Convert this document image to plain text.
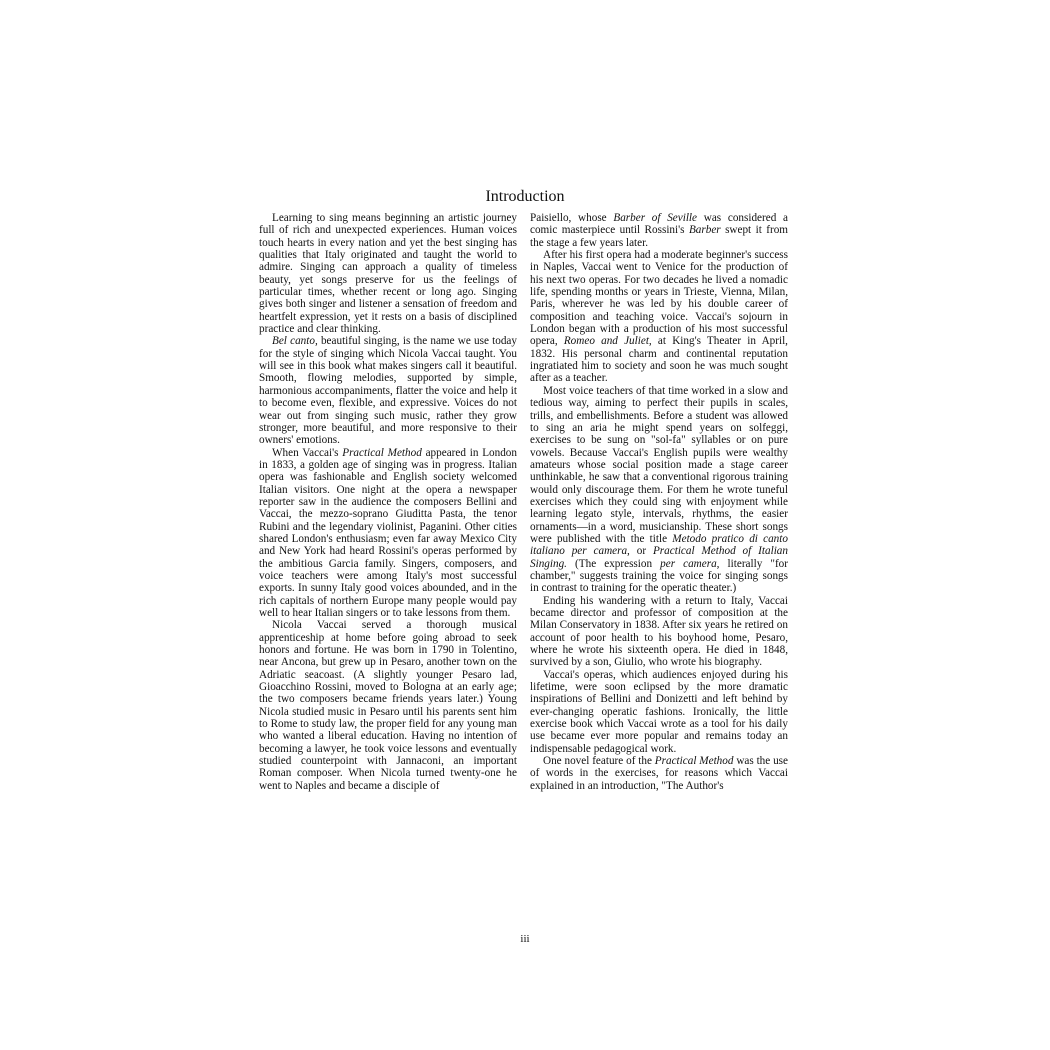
Introduction

Learning to sing means beginning an artistic journey full of rich and unexpected experiences. Human voices touch hearts in every nation and yet the best singing has qualities that Italy originated and taught the world to admire. Singing can approach a quality of timeless beauty, yet songs preserve for us the feelings of particular times, whether recent or long ago. Singing gives both singer and listener a sensation of freedom and heartfelt expression, yet it rests on a basis of disciplined practice and clear thinking.

Bel canto, beautiful singing, is the name we use today for the style of singing which Nicola Vaccai taught. You will see in this book what makes singers call it beautiful. Smooth, flowing melodies, supported by simple, harmonious accompaniments, flatter the voice and help it to become even, flexible, and expressive. Voices do not wear out from singing such music, rather they grow stronger, more beautiful, and more responsive to their owners' emotions.

When Vaccai's Practical Method appeared in London in 1833, a golden age of singing was in progress. Italian opera was fashionable and English society welcomed Italian visitors. One night at the opera a newspaper reporter saw in the audience the composers Bellini and Vaccai, the mezzo-soprano Giuditta Pasta, the tenor Rubini and the legendary violinist, Paganini. Other cities shared London's enthusiasm; even far away Mexico City and New York had heard Rossini's operas performed by the ambitious Garcia family. Singers, composers, and voice teachers were among Italy's most successful exports. In sunny Italy good voices abounded, and in the rich capitals of northern Europe many people would pay well to hear Italian singers or to take lessons from them.

Nicola Vaccai served a thorough musical apprenticeship at home before going abroad to seek honors and fortune. He was born in 1790 in Tolentino, near Ancona, but grew up in Pesaro, another town on the Adriatic seacoast. (A slightly younger Pesaro lad, Gioacchino Rossini, moved to Bologna at an early age; the two composers became friends years later.) Young Nicola studied music in Pesaro until his parents sent him to Rome to study law, the proper field for any young man who wanted a liberal education. Having no intention of becoming a lawyer, he took voice lessons and eventually studied counterpoint with Jannaconi, an important Roman composer. When Nicola turned twenty-one he went to Naples and became a disciple of

Paisiello, whose Barber of Seville was considered a comic masterpiece until Rossini's Barber swept it from the stage a few years later.

After his first opera had a moderate beginner's success in Naples, Vaccai went to Venice for the production of his next two operas. For two decades he lived a nomadic life, spending months or years in Trieste, Vienna, Milan, Paris, wherever he was led by his double career of composition and teaching voice. Vaccai's sojourn in London began with a production of his most successful opera, Romeo and Juliet, at King's Theater in April, 1832. His personal charm and continental reputation ingratiated him to society and soon he was much sought after as a teacher.

Most voice teachers of that time worked in a slow and tedious way, aiming to perfect their pupils in scales, trills, and embellishments. Before a student was allowed to sing an aria he might spend years on solfeggi, exercises to be sung on "sol-fa" syllables or on pure vowels. Because Vaccai's English pupils were wealthy amateurs whose social position made a stage career unthinkable, he saw that a conventional rigorous training would only discourage them. For them he wrote tuneful exercises which they could sing with enjoyment while learning legato style, intervals, rhythms, the easier ornaments—in a word, musicianship. These short songs were published with the title Metodo pratico di canto italiano per camera, or Practical Method of Italian Singing. (The expression per camera, literally "for chamber," suggests training the voice for singing songs in contrast to training for the operatic theater.)

Ending his wandering with a return to Italy, Vaccai became director and professor of composition at the Milan Conservatory in 1838. After six years he retired on account of poor health to his boyhood home, Pesaro, where he wrote his sixteenth opera. He died in 1848, survived by a son, Giulio, who wrote his biography.

Vaccai's operas, which audiences enjoyed during his lifetime, were soon eclipsed by the more dramatic inspirations of Bellini and Donizetti and left behind by ever-changing operatic fashions. Ironically, the little exercise book which Vaccai wrote as a tool for his daily use became ever more popular and remains today an indispensable pedagogical work.

One novel feature of the Practical Method was the use of words in the exercises, for reasons which Vaccai explained in an introduction, "The Author's

iii
